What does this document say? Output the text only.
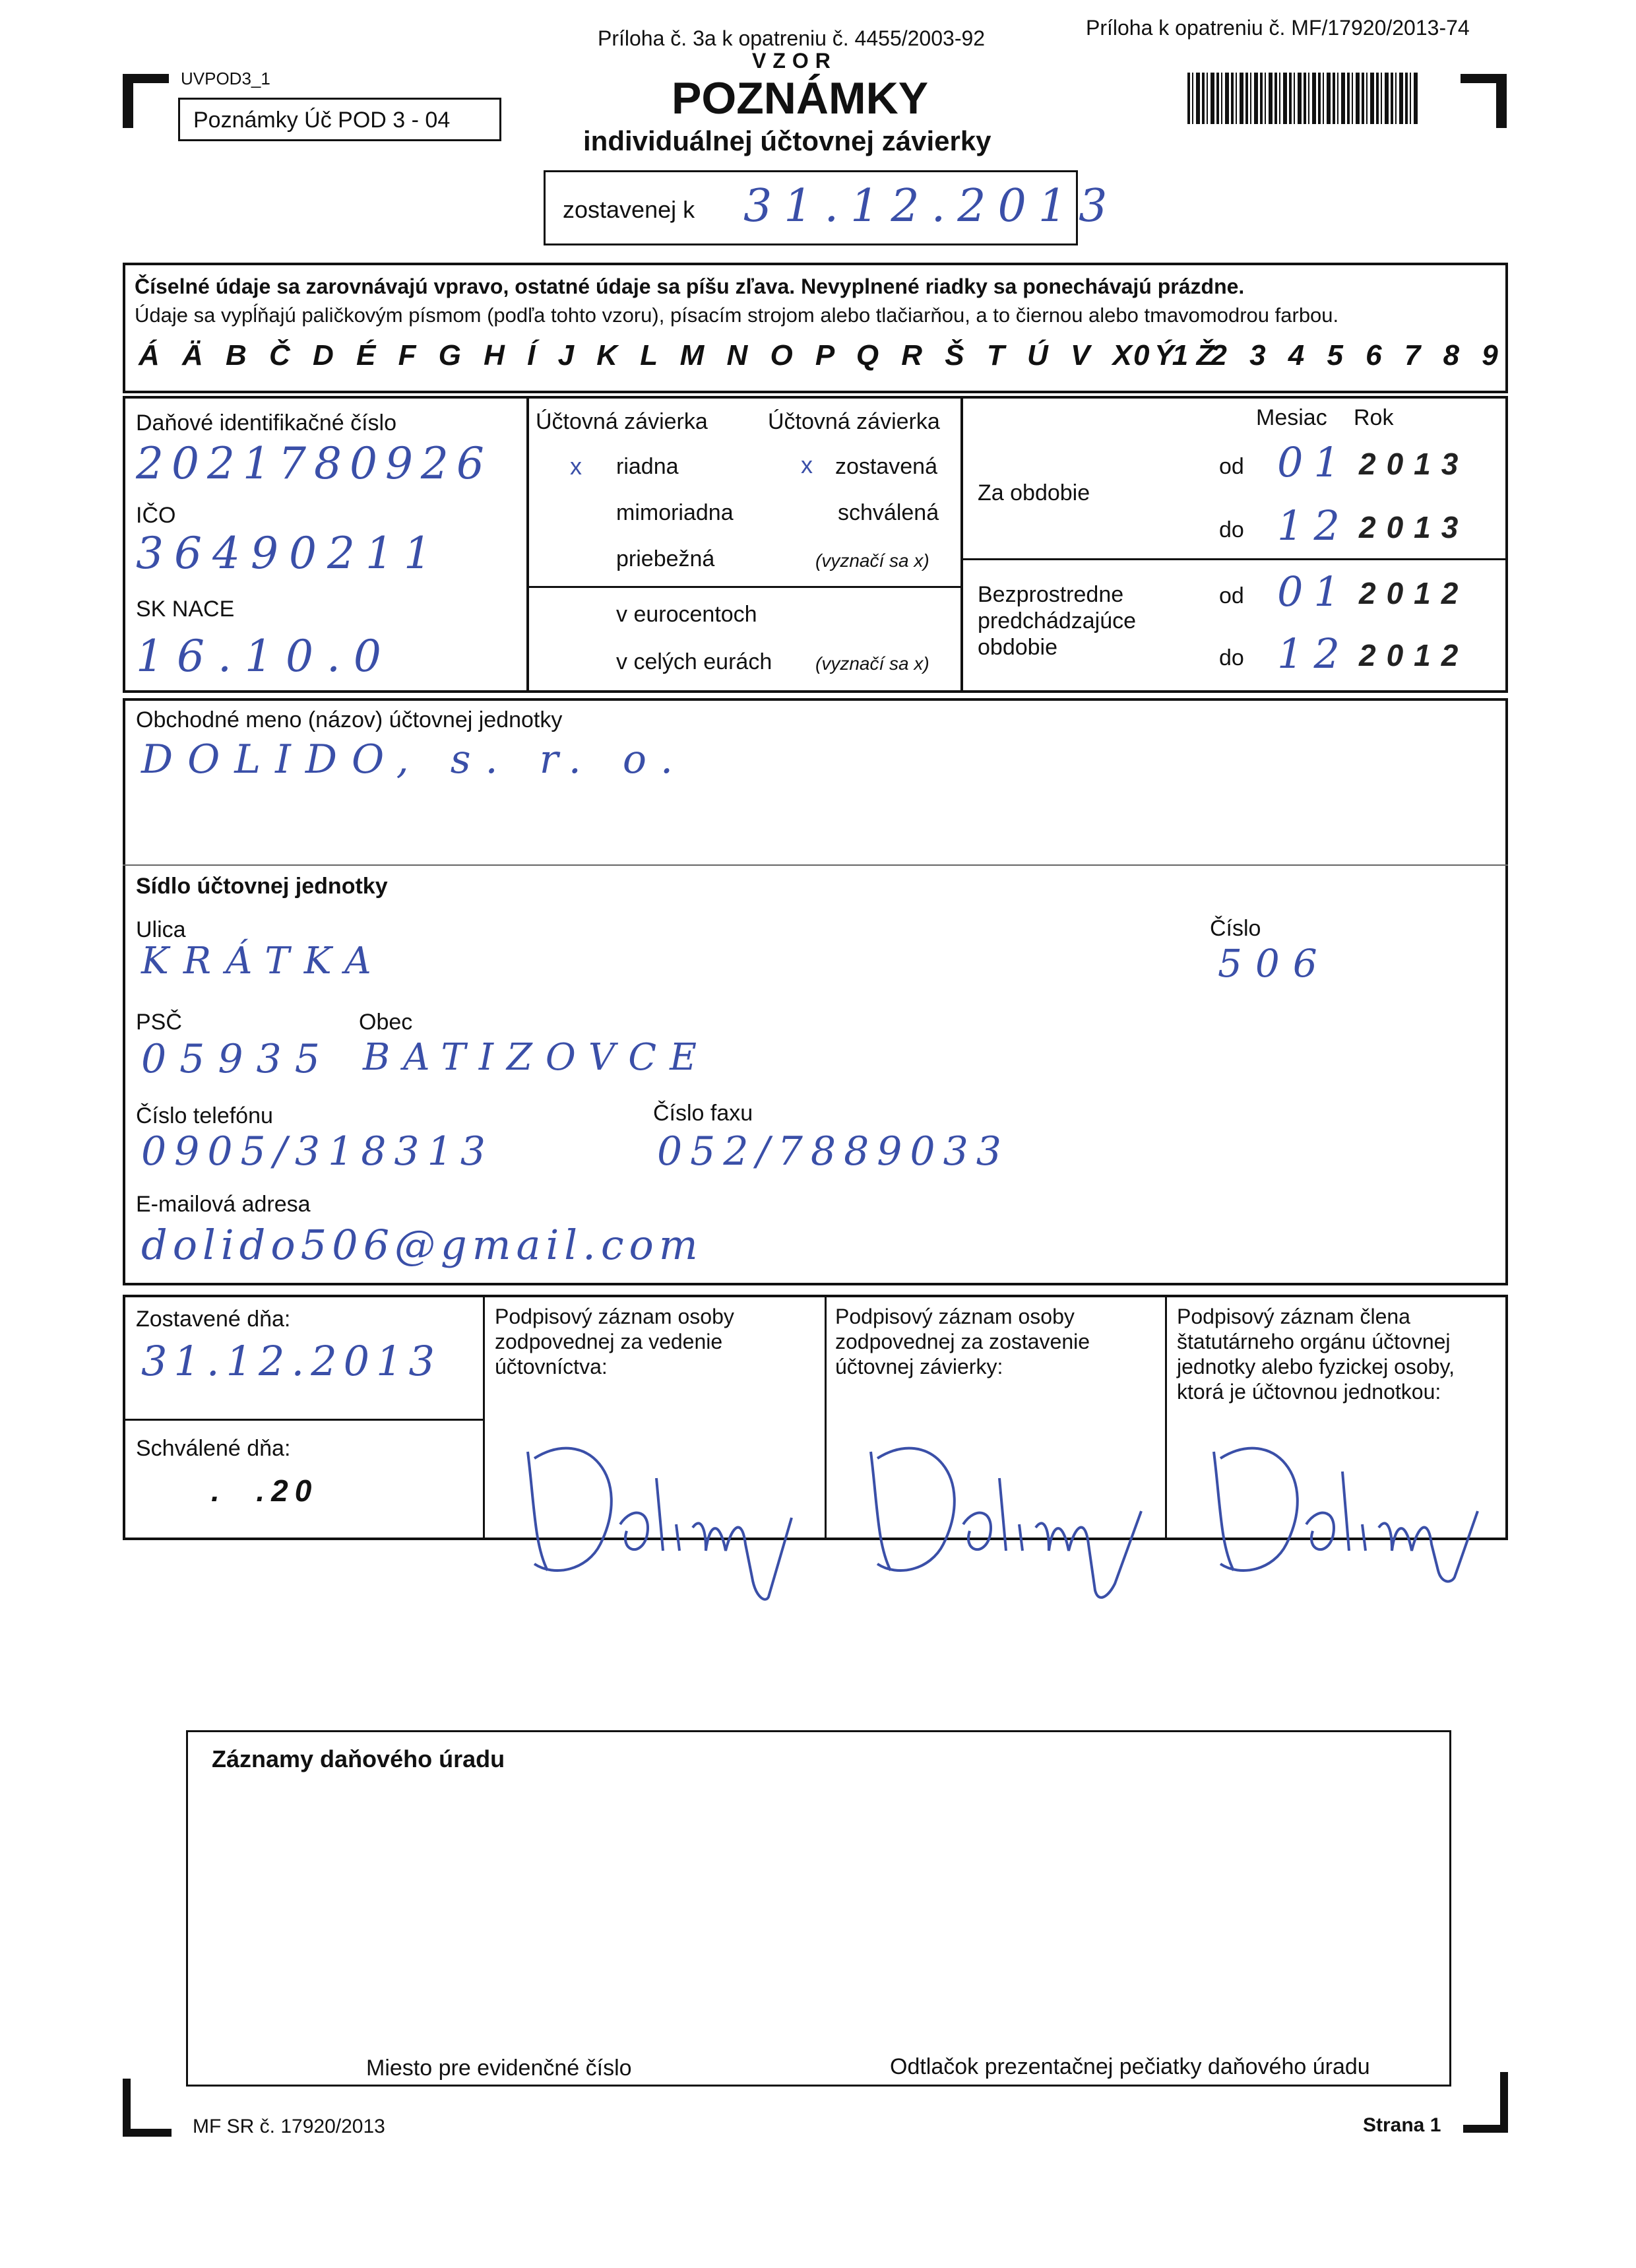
UVPOD3_1
Poznámky Úč POD 3 - 04
Príloha č. 3a k opatreniu č. 4455/2003-92	Príloha k opatreniu č. MF/17920/2013-74
VZOR
POZNÁMKY
individuálnej účtovnej závierky
zostavenej k 31.12.2013
Číselné údaje sa zarovnávajú vpravo, ostatné údaje sa píšu zľava. Nevyplnené riadky sa ponechávajú prázdne.
Údaje sa vypĺňajú paličkovým písmom (podľa tohto vzoru), písacím strojom alebo tlačiarňou, a to čiernou alebo tmavomodrou farbou.
Á Ä B Č D É F G H Í J K L M N O P Q R Š T Ú V X Ý Ž
0 1 2 3 4 5 6 7 8 9
Daňové identifikačné číslo
2021780926
IČO
36490211
SK NACE
16.10.0
Účtovná závierka	Účtovná závierka
x riadna	x zostavená
mimoriadna	schválená
priebežná	(vyznačí sa x)
v eurocentoch
v celých eurách (vyznačí sa x)
Mesiac Rok
Za obdobie
od 01 2013
do 12 2013
Bezprostredne
predchádzajúce
obdobie
od 01 2012
do 12 2012
Obchodné meno (názov) účtovnej jednotky
DOLIDO, s. r. o.
Sídlo účtovnej jednotky
Ulica
KRÁTKA
Číslo
506
PSČ	Obec
05935 BATIZOVCE
Číslo telefónu	Číslo faxu
0905/318313	052/7889033
E-mailová adresa
dolido506@gmail.com
Zostavené dňa:
31.12.2013
Schválené dňa:
.  .20
Podpisový záznam osoby zodpovednej za vedenie účtovníctva:
Podpisový záznam osoby zodpovednej za zostavenie účtovnej závierky:
Podpisový záznam člena štatutárneho orgánu účtovnej jednotky alebo fyzickej osoby, ktorá je účtovnou jednotkou:
Záznamy daňového úradu
Miesto pre evidenčné číslo	Odtlačok prezentačnej pečiatky daňového úradu
MF SR č. 17920/2013	Strana 1
